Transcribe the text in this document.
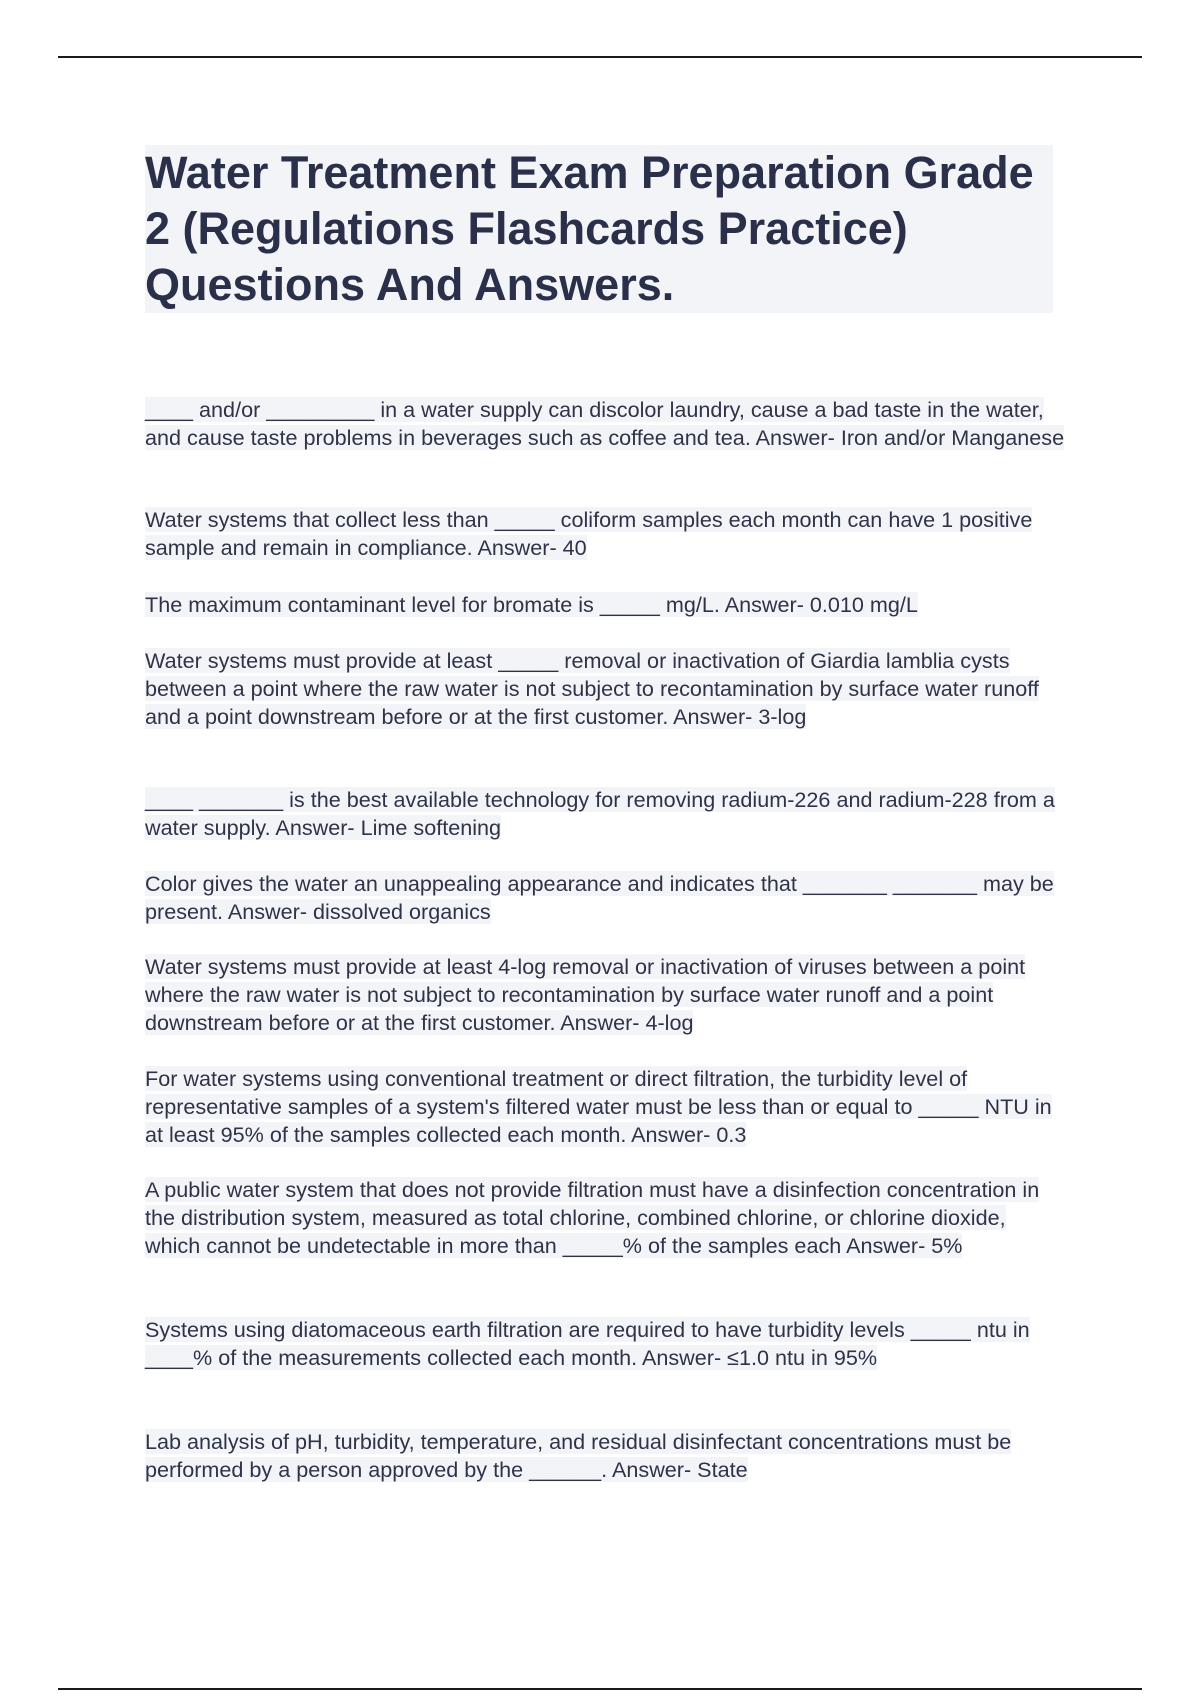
Water Treatment Exam Preparation Grade 2 (Regulations Flashcards Practice) Questions And Answers.

____ and/or _________ in a water supply can discolor laundry, cause a bad taste in the water, and cause taste problems in beverages such as coffee and tea. Answer- Iron and/or Manganese

Water systems that collect less than _____ coliform samples each month can have 1 positive sample and remain in compliance. Answer- 40

The maximum contaminant level for bromate is _____ mg/L. Answer- 0.010 mg/L

Water systems must provide at least _____ removal or inactivation of Giardia lamblia cysts between a point where the raw water is not subject to recontamination by surface water runoff and a point downstream before or at the first customer. Answer- 3-log

____ _______ is the best available technology for removing radium-226 and radium-228 from a water supply. Answer- Lime softening

Color gives the water an unappealing appearance and indicates that _______ _______ may be present. Answer- dissolved organics

Water systems must provide at least 4-log removal or inactivation of viruses between a point where the raw water is not subject to recontamination by surface water runoff and a point downstream before or at the first customer. Answer- 4-log

For water systems using conventional treatment or direct filtration, the turbidity level of representative samples of a system's filtered water must be less than or equal to _____ NTU in at least 95% of the samples collected each month. Answer- 0.3

A public water system that does not provide filtration must have a disinfection concentration in the distribution system, measured as total chlorine, combined chlorine, or chlorine dioxide, which cannot be undetectable in more than _____% of the samples each Answer- 5%

Systems using diatomaceous earth filtration are required to have turbidity levels _____ ntu in ____% of the measurements collected each month. Answer- ≤1.0 ntu in 95%

Lab analysis of pH, turbidity, temperature, and residual disinfectant concentrations must be performed by a person approved by the ______. Answer- State
